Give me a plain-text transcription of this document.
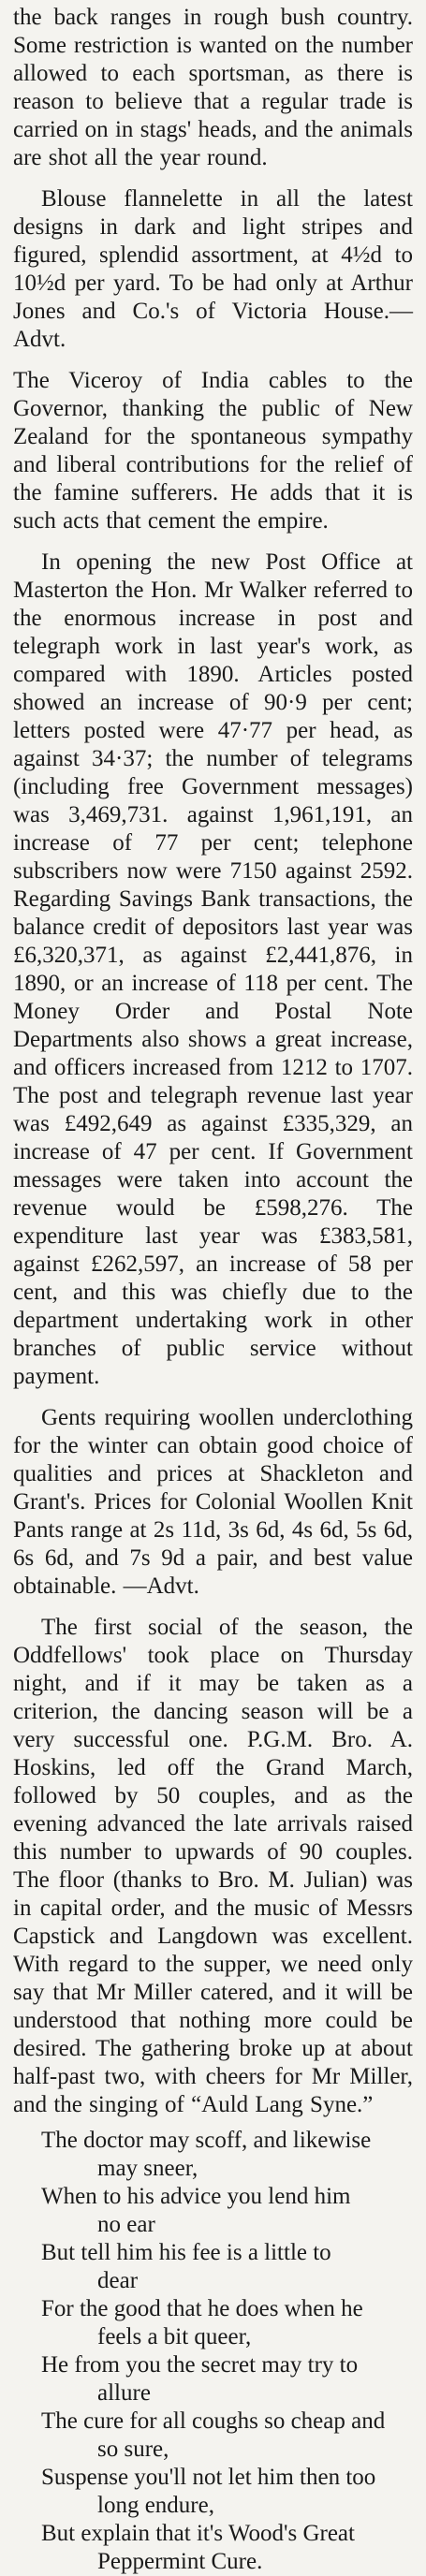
the back ranges in rough bush country. Some restriction is wanted on the number allowed to each sportsman, as there is reason to believe that a regular trade is carried on in stags' heads, and the animals are shot all the year round.

Blouse flannelette in all the latest designs in dark and light stripes and figured, splendid assortment, at 4½d to 10½d per yard. To be had only at Arthur Jones and Co.'s of Victoria House.—Advt.

The Viceroy of India cables to the Governor, thanking the public of New Zealand for the spontaneous sympathy and liberal contributions for the relief of the famine sufferers. He adds that it is such acts that cement the empire.

In opening the new Post Office at Masterton the Hon. Mr Walker referred to the enormous increase in post and telegraph work in last year's work, as compared with 1890. Articles posted showed an increase of 90·9 per cent; letters posted were 47·77 per head, as against 34·37; the number of telegrams (including free Government messages) was 3,469,731. against 1,961,191, an increase of 77 per cent; telephone subscribers now were 7150 against 2592. Regarding Savings Bank transactions, the balance credit of depositors last year was £6,320,371, as against £2,441,876, in 1890, or an increase of 118 per cent. The Money Order and Postal Note Departments also shows a great increase, and officers increased from 1212 to 1707. The post and telegraph revenue last year was £492,649 as against £335,329, an increase of 47 per cent. If Government messages were taken into account the revenue would be £598,276. The expenditure last year was £383,581, against £262,597, an increase of 58 per cent, and this was chiefly due to the department undertaking work in other branches of public service without payment.

Gents requiring woollen underclothing for the winter can obtain good choice of qualities and prices at Shackleton and Grant's. Prices for Colonial Woollen Knit Pants range at 2s 11d, 3s 6d, 4s 6d, 5s 6d, 6s 6d, and 7s 9d a pair, and best value obtainable. —Advt.

The first social of the season, the Oddfellows' took place on Thursday night, and if it may be taken as a criterion, the dancing season will be a very successful one. P.G.M. Bro. A. Hoskins, led off the Grand March, followed by 50 couples, and as the evening advanced the late arrivals raised this number to upwards of 90 couples. The floor (thanks to Bro. M. Julian) was in capital order, and the music of Messrs Capstick and Langdown was excellent. With regard to the supper, we need only say that Mr Miller catered, and it will be understood that nothing more could be desired. The gathering broke up at about half-past two, with cheers for Mr Miller, and the singing of “Auld Lang Syne.”

The doctor may scoff, and likewise
may sneer,
When to his advice you lend him
no ear
But tell him his fee is a little to
dear
For the good that he does when he
feels a bit queer,
He from you the secret may try to
allure
The cure for all coughs so cheap and
so sure,
Suspense you'll not let him then too
long endure,
But explain that it's Wood's Great
Peppermint Cure.
